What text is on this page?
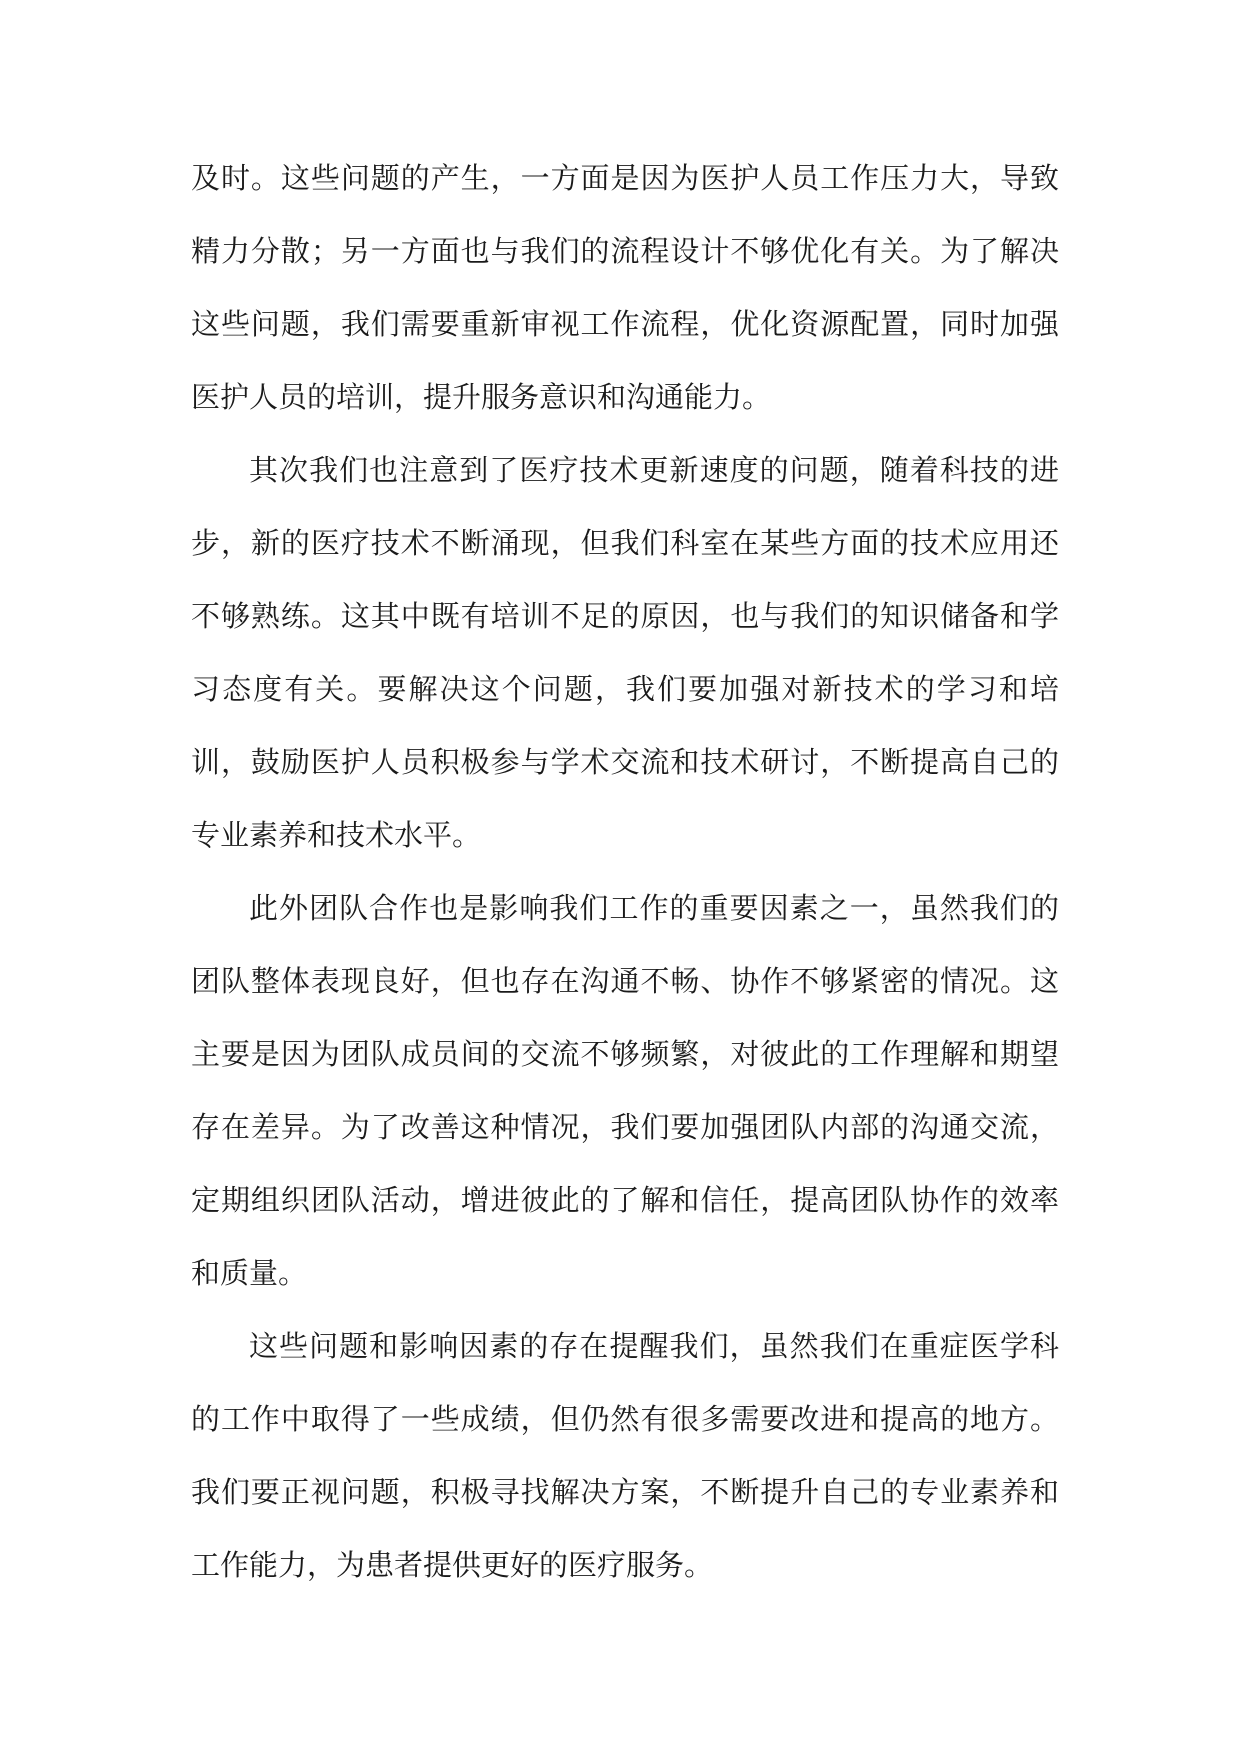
及时。这些问题的产生，一方面是因为医护人员工作压力大，导致精力分散；另一方面也与我们的流程设计不够优化有关。为了解决这些问题，我们需要重新审视工作流程，优化资源配置，同时加强医护人员的培训，提升服务意识和沟通能力。

其次我们也注意到了医疗技术更新速度的问题，随着科技的进步，新的医疗技术不断涌现，但我们科室在某些方面的技术应用还不够熟练。这其中既有培训不足的原因，也与我们的知识储备和学习态度有关。要解决这个问题，我们要加强对新技术的学习和培训，鼓励医护人员积极参与学术交流和技术研讨，不断提高自己的专业素养和技术水平。

此外团队合作也是影响我们工作的重要因素之一，虽然我们的团队整体表现良好，但也存在沟通不畅、协作不够紧密的情况。这主要是因为团队成员间的交流不够频繁，对彼此的工作理解和期望存在差异。为了改善这种情况，我们要加强团队内部的沟通交流，定期组织团队活动，增进彼此的了解和信任，提高团队协作的效率和质量。

这些问题和影响因素的存在提醒我们，虽然我们在重症医学科的工作中取得了一些成绩，但仍然有很多需要改进和提高的地方。我们要正视问题，积极寻找解决方案，不断提升自己的专业素养和工作能力，为患者提供更好的医疗服务。
